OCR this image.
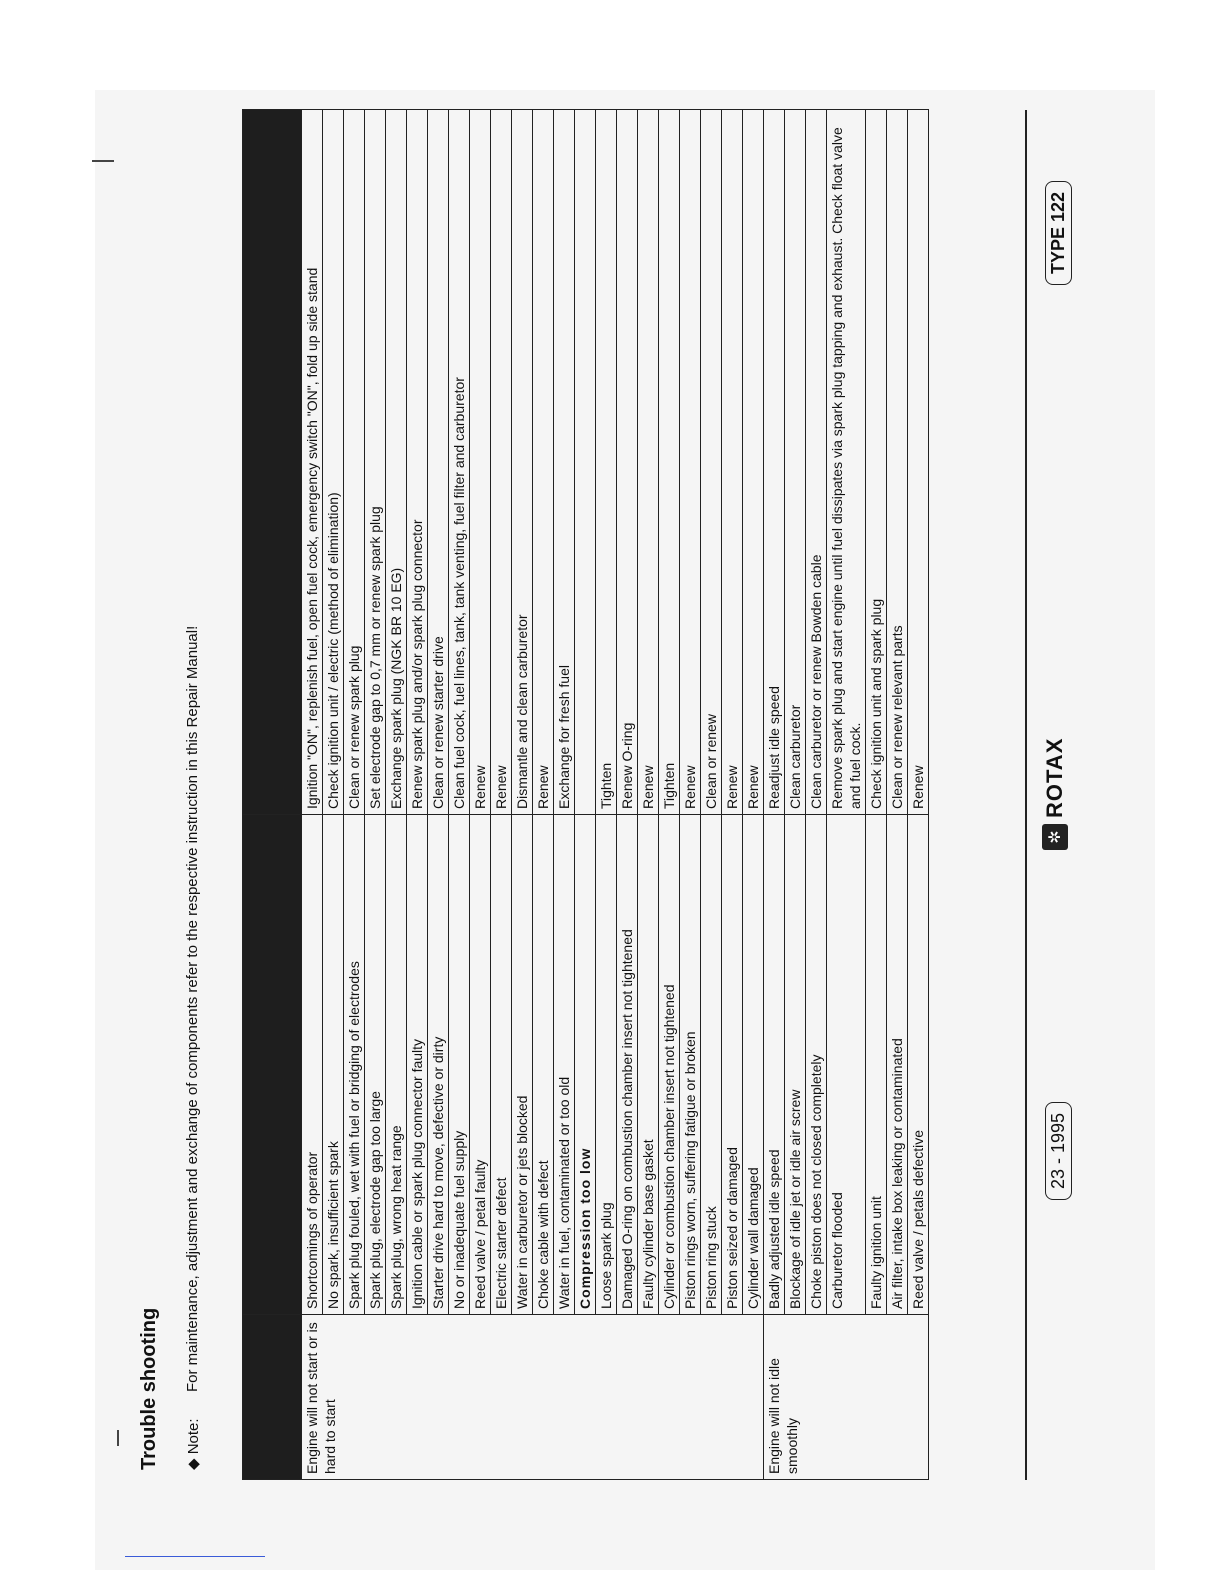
Trouble shooting ◆ Note:
For maintenance, adjustment and exchange of components refer to the respective instruction in this Repair Manual!

Engine will not start or is hard to start	Shortcomings of operator	Ignition "ON", replenish fuel, open fuel cock, emergency switch "ON", fold up side stand
	No spark, insufficient spark	Check ignition unit / electric (method of elimination)
	Spark plug fouled, wet with fuel or bridging of electrodes	Clean or renew spark plug
	Spark plug, electrode gap too large	Set electrode gap to 0,7 mm or renew spark plug
	Spark plug, wrong heat range	Exchange spark plug (NGK BR 10 EG)
	Ignition cable or spark plug connector faulty	Renew spark plug and/or spark plug connector
	Starter drive hard to move, defective or dirty	Clean or renew starter drive
	No or inadequate fuel supply	Clean fuel cock, fuel lines, tank, tank venting, fuel filter and carburetor
	Reed valve / petal faulty	Renew
	Electric starter defect	Renew
	Water in carburetor or jets blocked	Dismantle and clean carburetor
	Choke cable with defect	Renew
	Water in fuel, contaminated or too old	Exchange for fresh fuel
	Compression too low	
	Loose spark plug	Tighten
	Damaged O-ring on combustion chamber insert not tightened	Renew O-ring
	Faulty cylinder base gasket	Renew
	Cylinder or combustion chamber insert not tightened	Tighten
	Piston rings worn, suffering fatigue or broken	Renew
	Piston ring stuck	Clean or renew
	Piston seized or damaged	Renew
	Cylinder wall damaged	Renew
Engine will not idle smoothly	Badly adjusted idle speed	Readjust idle speed
	Blockage of idle jet or idle air screw	Clean carburetor
	Choke piston does not closed completely	Clean carburetor or renew Bowden cable
	Carburetor flooded	Remove spark plug and start engine until fuel dissipates via spark plug tapping and exhaust. Check float valve and fuel cock.
	Faulty ignition unit	Check ignition unit and spark plug
	Air filter, intake box leaking or contaminated	Clean or renew relevant parts
	Reed valve / petals defective	Renew
23 - 1995
✲
ROTAX
TYPE 122
